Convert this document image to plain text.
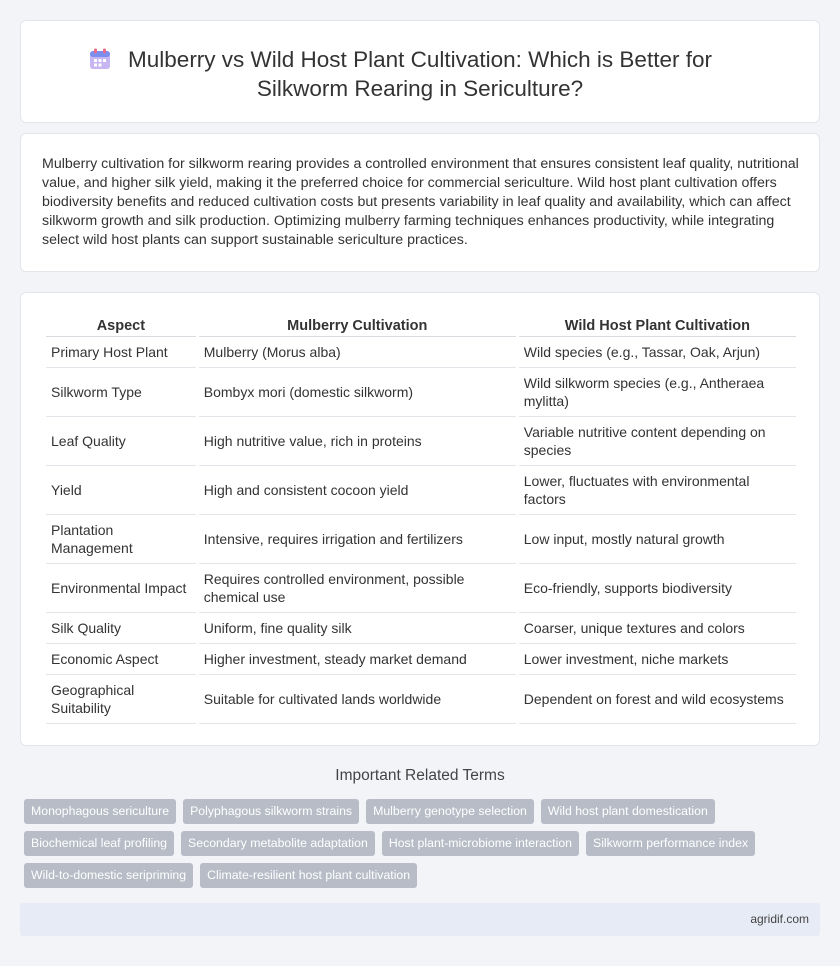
Mulberry vs Wild Host Plant Cultivation: Which is Better for
Silkworm Rearing in Sericulture?

Mulberry cultivation for silkworm rearing provides a controlled environment that ensures consistent leaf quality, nutritional value, and higher silk yield, making it the preferred choice for commercial sericulture. Wild host plant cultivation offers biodiversity benefits and reduced cultivation costs but presents variability in leaf quality and availability, which can affect silkworm growth and silk production. Optimizing mulberry farming techniques enhances productivity, while integrating select wild host plants can support sustainable sericulture practices.

Aspect	Mulberry Cultivation	Wild Host Plant Cultivation
Primary Host Plant	Mulberry (Morus alba)	Wild species (e.g., Tassar, Oak, Arjun)
Silkworm Type	Bombyx mori (domestic silkworm)	Wild silkworm species (e.g., Antheraea mylitta)
Leaf Quality	High nutritive value, rich in proteins	Variable nutritive content depending on species
Yield	High and consistent cocoon yield	Lower, fluctuates with environmental factors
Plantation Management	Intensive, requires irrigation and fertilizers	Low input, mostly natural growth
Environmental Impact	Requires controlled environment, possible chemical use	Eco-friendly, supports biodiversity
Silk Quality	Uniform, fine quality silk	Coarser, unique textures and colors
Economic Aspect	Higher investment, steady market demand	Lower investment, niche markets
Geographical Suitability	Suitable for cultivated lands worldwide	Dependent on forest and wild ecosystems
Important Related Terms
Monophagous sericulture	Polyphagous silkworm strains	Mulberry genotype selection	Wild host plant domestication
Biochemical leaf profiling	Secondary metabolite adaptation	Host plant-microbiome interaction	Silkworm performance index
Wild-to-domestic seripriming	Climate-resilient host plant cultivation
agridif.com
